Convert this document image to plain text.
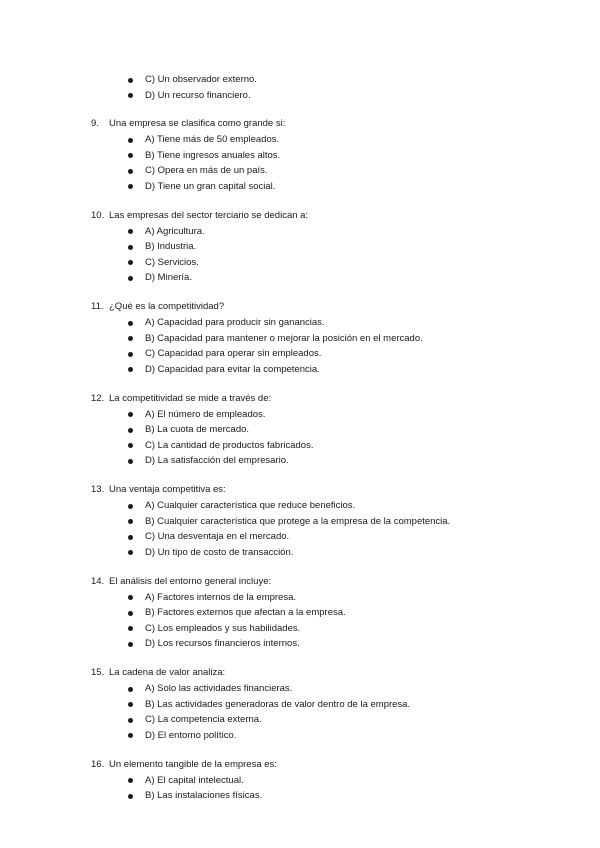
C) Un observador externo.
D) Un recurso financiero.
9. Una empresa se clasifica como grande si:
A) Tiene más de 50 empleados.
B) Tiene ingresos anuales altos.
C) Opera en más de un país.
D) Tiene un gran capital social.
10. Las empresas del sector terciario se dedican a:
A) Agricultura.
B) Industria.
C) Servicios.
D) Minería.
11. ¿Qué es la competitividad?
A) Capacidad para producir sin ganancias.
B) Capacidad para mantener o mejorar la posición en el mercado.
C) Capacidad para operar sin empleados.
D) Capacidad para evitar la competencia.
12. La competitividad se mide a través de:
A) El número de empleados.
B) La cuota de mercado.
C) La cantidad de productos fabricados.
D) La satisfacción del empresario.
13. Una ventaja competitiva es:
A) Cualquier característica que reduce beneficios.
B) Cualquier característica que protege a la empresa de la competencia.
C) Una desventaja en el mercado.
D) Un tipo de costo de transacción.
14. El análisis del entorno general incluye:
A) Factores internos de la empresa.
B) Factores externos que afectan a la empresa.
C) Los empleados y sus habilidades.
D) Los recursos financieros internos.
15. La cadena de valor analiza:
A) Solo las actividades financieras.
B) Las actividades generadoras de valor dentro de la empresa.
C) La competencia externa.
D) El entorno político.
16. Un elemento tangible de la empresa es:
A) El capital intelectual.
B) Las instalaciones físicas.
